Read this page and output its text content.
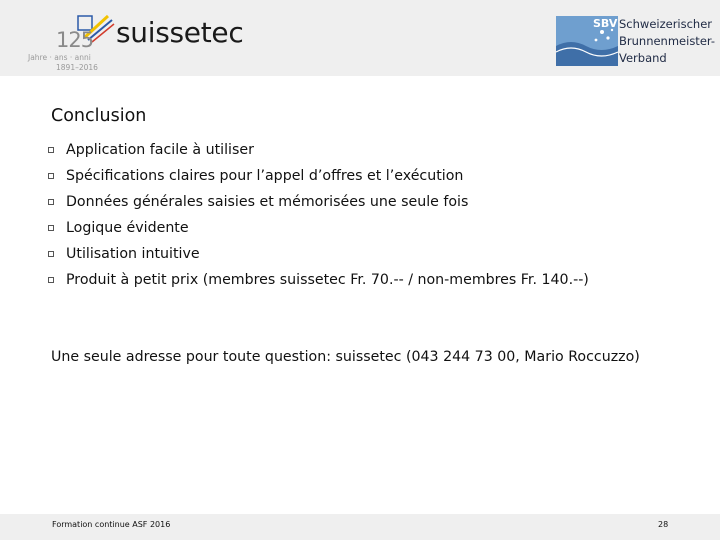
125 suissetec
Jahre · ans · anni
1891–2016
SBV Schweizerischer
Brunnenmeister-
Verband
Conclusion
Application facile à utiliser
Spécifications claires pour l’appel d’offres et l’exécution
Données générales saisies et mémorisées une seule fois
Logique évidente
Utilisation intuitive
Produit à petit prix (membres suissetec Fr. 70.-- / non-membres Fr. 140.--)
Une seule adresse pour toute question: suissetec (043 244 73 00, Mario Roccuzzo)
Formation continue ASF 2016	28
